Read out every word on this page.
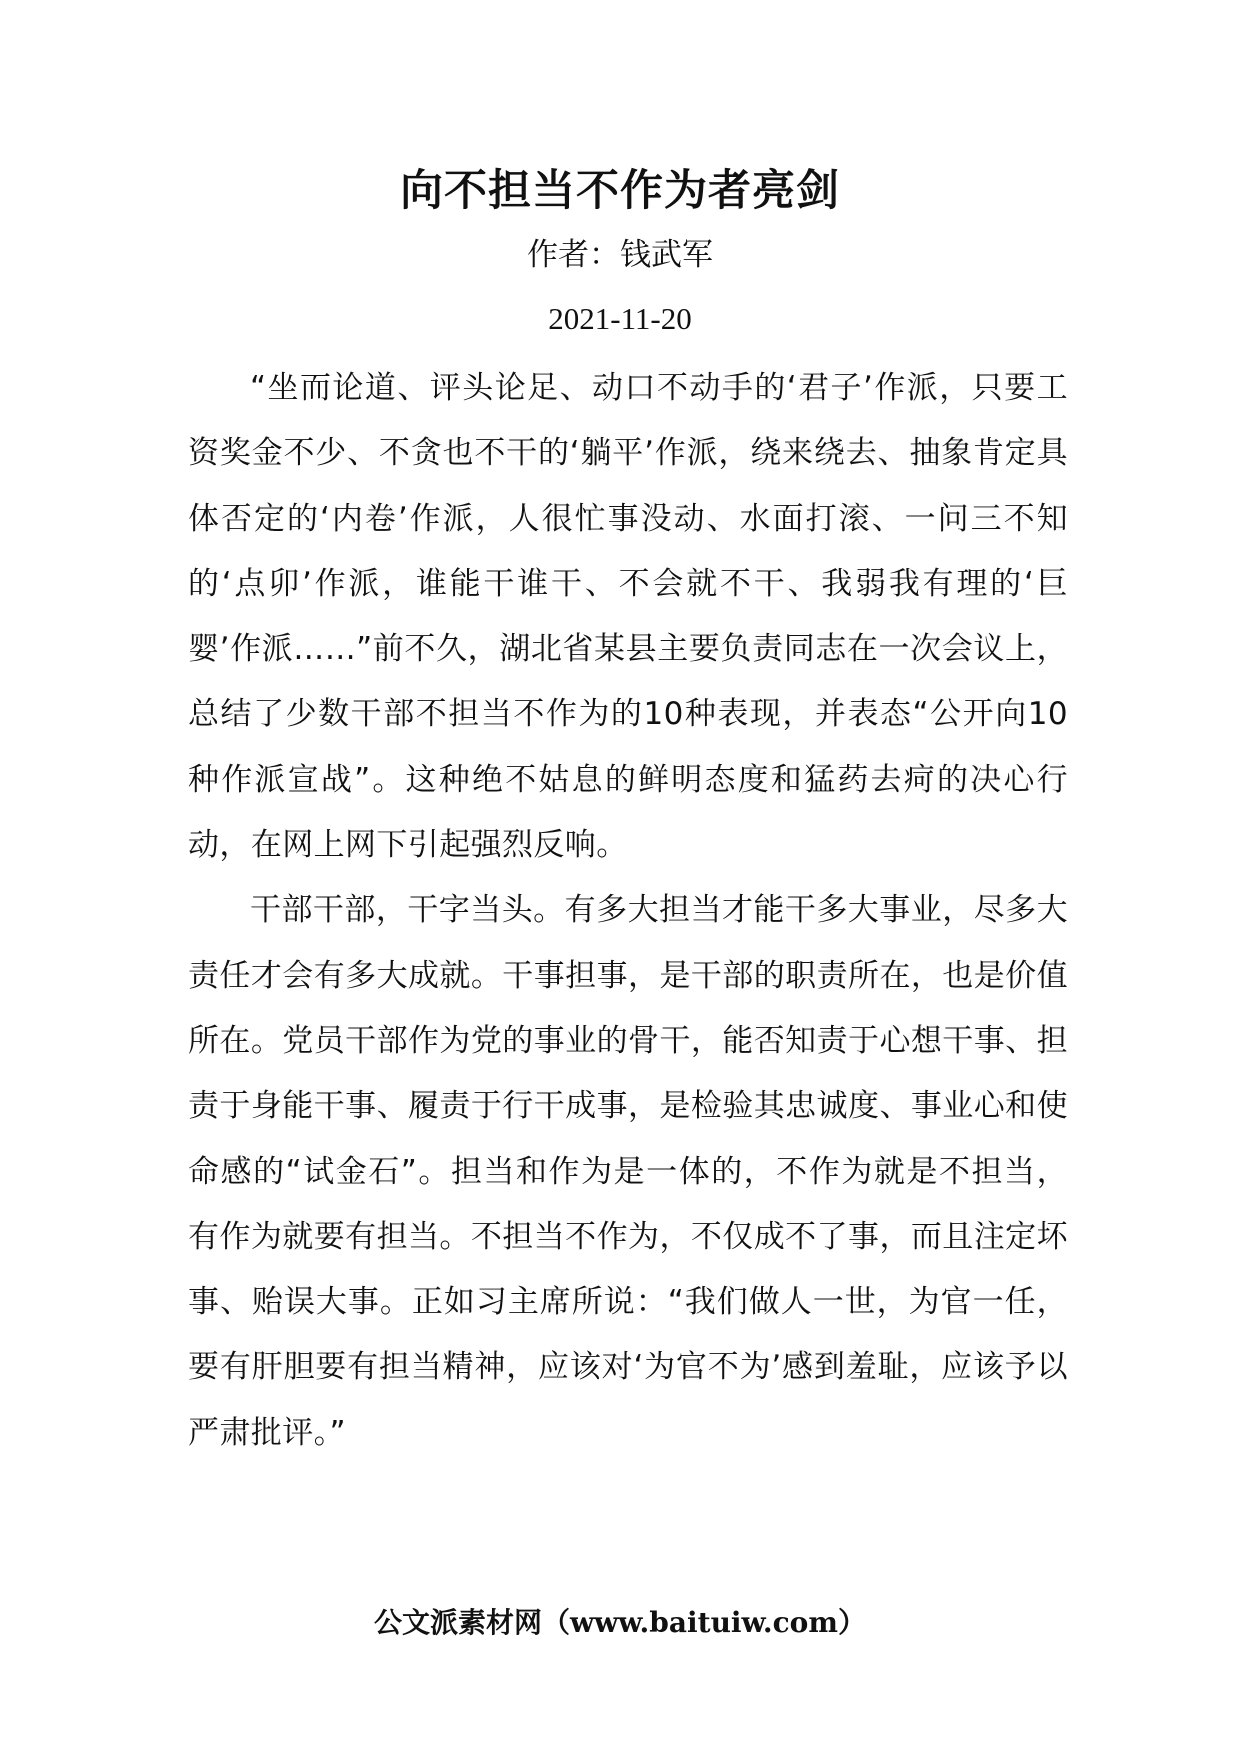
向不担当不作为者亮剑
作者：钱武军
2021-11-20

“坐而论道、评头论足、动口不动手的‘君子’作派，只要工资奖金不少、不贪也不干的‘躺平’作派，绕来绕去、抽象肯定具体否定的‘内卷’作派，人很忙事没动、水面打滚、一问三不知的‘点卯’作派，谁能干谁干、不会就不干、我弱我有理的‘巨婴’作派……”前不久，湖北省某县主要负责同志在一次会议上，总结了少数干部不担当不作为的10种表现，并表态“公开向10种作派宣战”。这种绝不姑息的鲜明态度和猛药去疴的决心行动，在网上网下引起强烈反响。

干部干部，干字当头。有多大担当才能干多大事业，尽多大责任才会有多大成就。干事担事，是干部的职责所在，也是价值所在。党员干部作为党的事业的骨干，能否知责于心想干事、担责于身能干事、履责于行干成事，是检验其忠诚度、事业心和使命感的“试金石”。担当和作为是一体的，不作为就是不担当，有作为就要有担当。不担当不作为，不仅成不了事，而且注定坏事、贻误大事。正如习主席所说：“我们做人一世，为官一任，要有肝胆要有担当精神，应该对‘为官不为’感到羞耻，应该予以严肃批评。”

公文派素材网（www.baituiw.com）
